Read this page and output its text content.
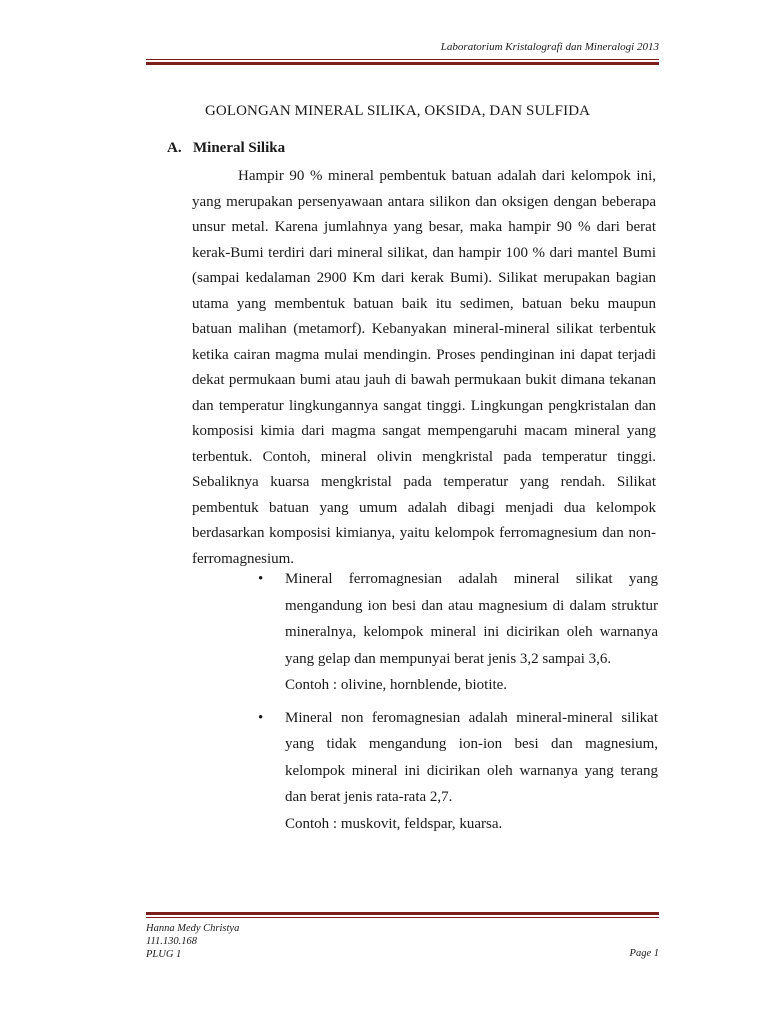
Laboratorium Kristalografi dan Mineralogi 2013
GOLONGAN MINERAL SILIKA, OKSIDA, DAN SULFIDA
A. Mineral Silika

Hampir 90 % mineral pembentuk batuan adalah dari kelompok ini, yang merupakan persenyawaan antara silikon dan oksigen dengan beberapa unsur metal. Karena jumlahnya yang besar, maka hampir 90 % dari berat kerak-Bumi terdiri dari mineral silikat, dan hampir 100 % dari mantel Bumi (sampai kedalaman 2900 Km dari kerak Bumi). Silikat merupakan bagian utama yang membentuk batuan baik itu sedimen, batuan beku maupun batuan malihan (metamorf). Kebanyakan mineral-mineral silikat terbentuk ketika cairan magma mulai mendingin. Proses pendinginan ini dapat terjadi dekat permukaan bumi atau jauh di bawah permukaan bukit dimana tekanan dan temperatur lingkungannya sangat tinggi. Lingkungan pengkristalan dan komposisi kimia dari magma sangat mempengaruhi macam mineral yang terbentuk. Contoh, mineral olivin mengkristal pada temperatur tinggi. Sebaliknya kuarsa mengkristal pada temperatur yang rendah. Silikat pembentuk batuan yang umum adalah dibagi menjadi dua kelompok berdasarkan komposisi kimianya, yaitu kelompok ferromagnesium dan non-ferromagnesium.

• Mineral ferromagnesian adalah mineral silikat yang mengandung ion besi dan atau magnesium di dalam struktur mineralnya, kelompok mineral ini dicirikan oleh warnanya yang gelap dan mempunyai berat jenis 3,2 sampai 3,6.
Contoh : olivine, hornblende, biotite.
• Mineral non feromagnesian adalah mineral-mineral silikat yang tidak mengandung ion-ion besi dan magnesium, kelompok mineral ini dicirikan oleh warnanya yang terang dan berat jenis rata-rata 2,7.
Contoh : muskovit, feldspar, kuarsa.
Hanna Medy Christya
111.130.168
PLUG 1	Page 1
